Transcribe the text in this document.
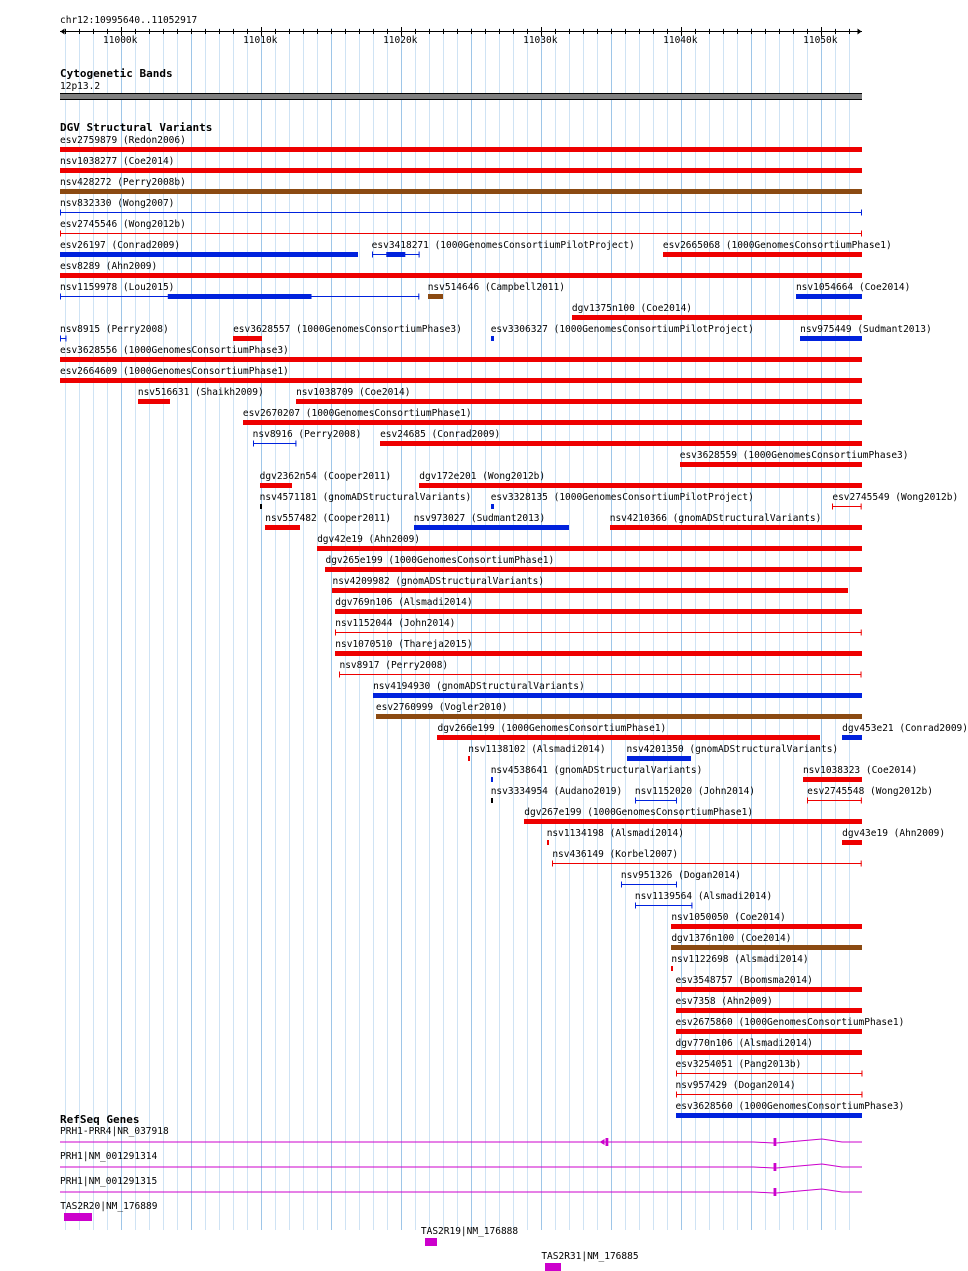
chr12:10995640..11052917
11000k	11010k	11020k	11030k	11040k	11050k
Cytogenetic Bands
12p13.2
DGV Structural Variants
esv2759879 (Redon2006)
nsv1038277 (Coe2014)
nsv428272 (Perry2008b)
nsv832330 (Wong2007)
esv2745546 (Wong2012b)
esv26197 (Conrad2009)	esv3418271 (1000GenomesConsortiumPilotProject)	esv2665068 (1000GenomesConsortiumPhase1)
esv8289 (Ahn2009)
nsv1159978 (Lou2015)	nsv514646 (Campbell2011)
dgv1375n100 (Coe2014)
nsv8915 (Perry2008)	esv3628557 (1000GenomesConsortiumPhase3)	esv3306327 (1000GenomesConsortiumPilotProject)
nsv1054664 (Coe2014)
esv3628556 (1000GenomesConsortiumPhase3)
esv2664609 (1000GenomesConsortiumPhase1)
nsv516631 (Shaikh2009)	nsv1038709 (Coe2014)
esv2670207 (1000GenomesConsortiumPhase1)
nsv8916 (Perry2008) esv24685 (Conrad2009)
esv3628559 (1000GenomesConsortiumPhase3)
dgv2362n54 (Cooper2011)	dgv172e201 (Wong2012b)
nsv4571181 (gnomADStructuralVariants) esv3328135 (1000GenomesConsortiumPilotProject)
nsv975449 (Sudmant2013)
nsv557482 (Cooper2011) nsv973027 (Sudmant2013)	nsv4210366 (gnomADStructuralVariants)
dgv42e19 (Ahn2009)
dgv265e199 (1000GenomesConsortiumPhase1)
nsv4209982 (gnomADStructuralVariants)
dgv769n106 (Alsmadi2014)
nsv1152044 (John2014)
nsv1070510 (Thareja2015)
nsv8917 (Perry2008)
nsv4194930 (gnomADStructuralVariants)
esv2760999 (Vogler2010)
dgv266e199 (1000GenomesConsortiumPhase1)
esv2745549 (Wong2012b)
nsv1138102 (Alsmadi2014) nsv4201350 (gnomADStructuralVariants)
dgv453e21 (Conrad2009)
nsv4538641 (gnomADStructuralVariants)	nsv1038323 (Coe2014)
nsv3334954 (Audano2019) nsv1152020 (John2014)	esv2745548 (Wong2012b)
dgv267e199 (1000GenomesConsortiumPhase1)
nsv1134198 (Alsmadi2014)	dgv43e19 (Ahn2009)
nsv436149 (Korbel2007)
nsv951326 (Dogan2014)
nsv1139564 (Alsmadi2014)
nsv1050050 (Coe2014)
dgv1376n100 (Coe2014)
nsv1122698 (Alsmadi2014)
esv3548757 (Boomsma2014)
esv7358 (Ahn2009)
esv2675860 (1000GenomesConsortiumPhase1)
dgv770n106 (Alsmadi2014)
esv3254051 (Pang2013b)
nsv957429 (Dogan2014)
esv3628560 (1000GenomesConsortiumPhase3)
RefSeq Genes
PRH1-PRR4|NR_037918
PRH1|NM_001291314
PRH1|NM_001291315
TAS2R20|NM_176889
TAS2R19|NM_176888
TAS2R31|NM_176885
